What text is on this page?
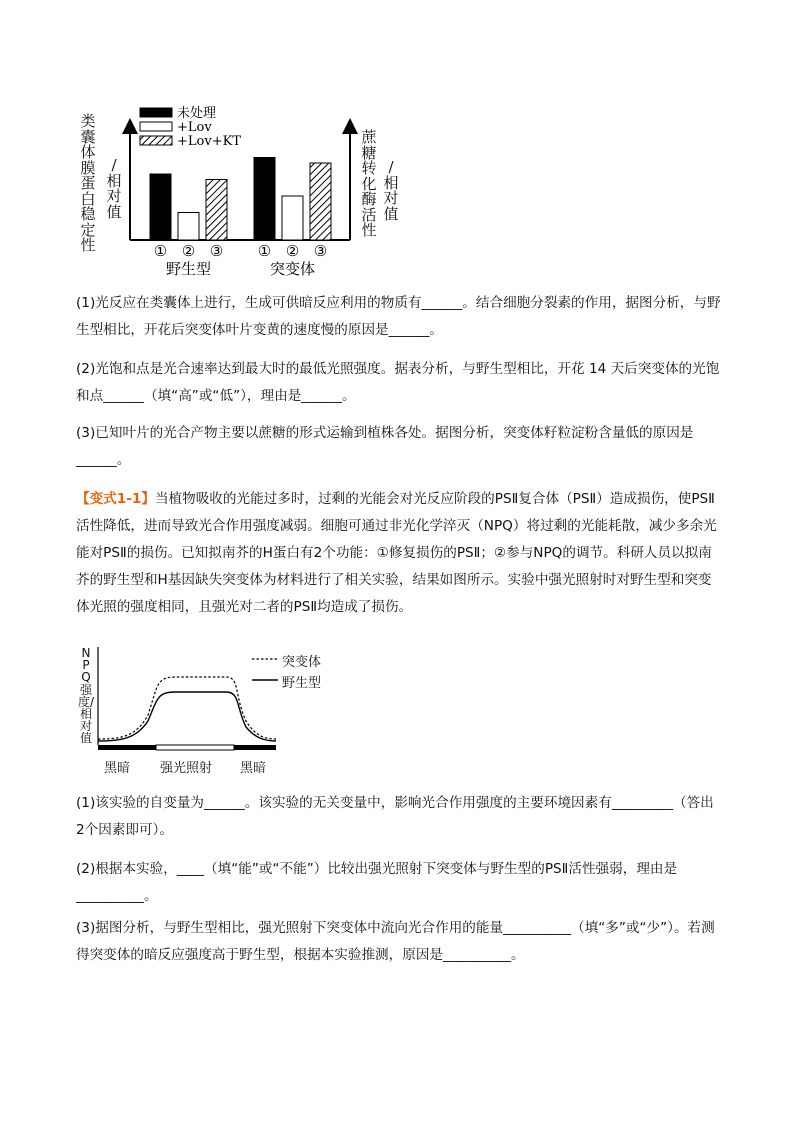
类囊体膜蛋白稳定性
/相对值
蔗糖转化酶活性
/相对值
未处理
+Lov
+Lov+KT
① ② ③ ① ② ③
野生型	突变体
(1)光反应在类囊体上进行，生成可供暗反应利用的物质有______。结合细胞分裂素的作用，据图分析，与野生型相比，开花后突变体叶片变黄的速度慢的原因是______。
(2)光饱和点是光合速率达到最大时的最低光照强度。据表分析，与野生型相比，开花 14 天后突变体的光饱和点______（填“高”或“低”），理由是______。
(3)已知叶片的光合产物主要以蔗糖的形式运输到植株各处。据图分析，突变体籽粒淀粉含量低的原因是______。
【变式1-1】当植物吸收的光能过多时，过剩的光能会对光反应阶段的PSⅡ复合体（PSⅡ）造成损伤，使PSⅡ活性降低，进而导致光合作用强度减弱。细胞可通过非光化学淬灭（NPQ）将过剩的光能耗散，减少多余光能对PSⅡ的损伤。已知拟南芥的H蛋白有2个功能：①修复损伤的PSⅡ；②参与NPQ的调节。科研人员以拟南芥的野生型和H基因缺失突变体为材料进行了相关实验，结果如图所示。实验中强光照射时对野生型和突变体光照的强度相同，且强光对二者的PSⅡ均造成了损伤。
NPQ强度/相对值
突变体
野生型
黑暗 强光照射 黑暗
(1)该实验的自变量为______。该实验的无关变量中，影响光合作用强度的主要环境因素有_________（答出2个因素即可）。
(2)根据本实验，____（填“能”或“不能”）比较出强光照射下突变体与野生型的PSⅡ活性强弱，理由是__________。
(3)据图分析，与野生型相比，强光照射下突变体中流向光合作用的能量__________（填“多”或“少”）。若测得突变体的暗反应强度高于野生型，根据本实验推测，原因是__________。
